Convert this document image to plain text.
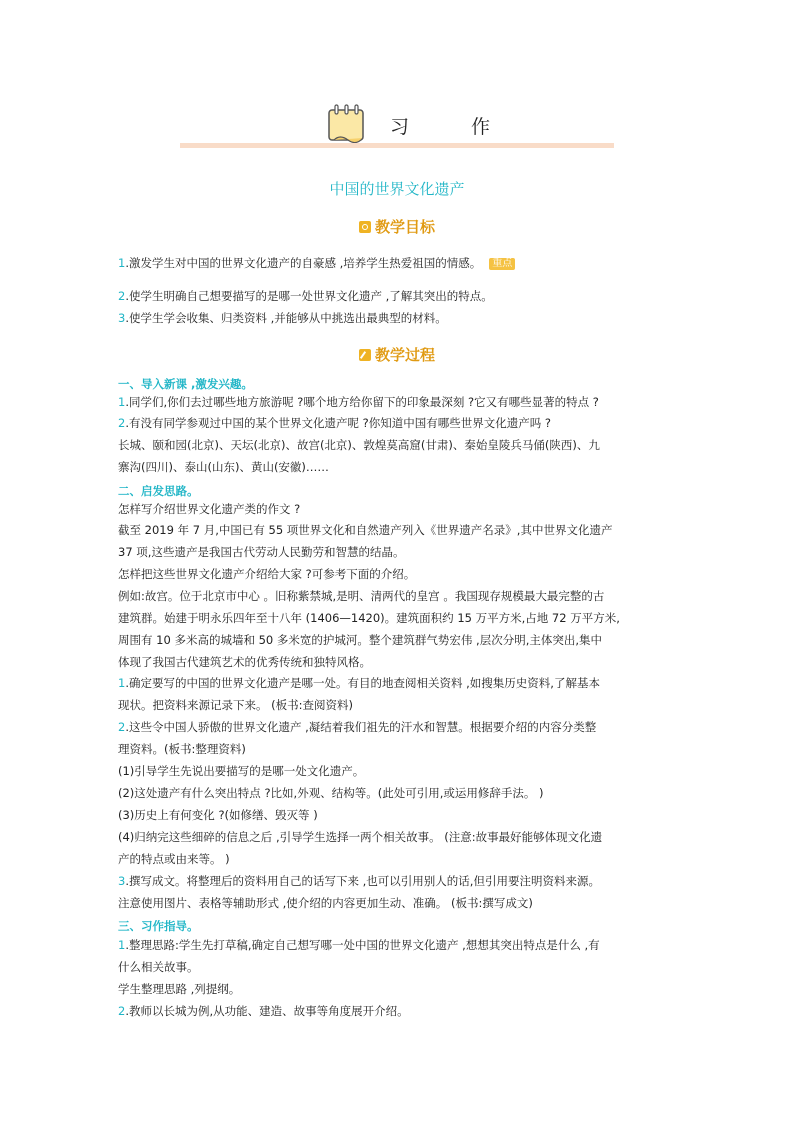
习 作
中国的世界文化遗产
教学目标
1.激发学生对中国的世界文化遗产的自豪感 ,培养学生热爱祖国的情感。 重点
2.使学生明确自己想要描写的是哪一处世界文化遗产 ,了解其突出的特点。
3.使学生学会收集、归类资料 ,并能够从中挑选出最典型的材料。
教学过程
一、导入新课 ,激发兴趣。
1.同学们,你们去过哪些地方旅游呢 ?哪个地方给你留下的印象最深刻 ?它又有哪些显著的特点 ?
2.有没有同学参观过中国的某个世界文化遗产呢 ?你知道中国有哪些世界文化遗产吗 ?
长城、颐和园(北京)、天坛(北京)、故宫(北京)、敦煌莫高窟(甘肃)、秦始皇陵兵马俑(陕西)、九
寨沟(四川)、泰山(山东)、黄山(安徽)……
二、启发思路。
怎样写介绍世界文化遗产类的作文 ?
截至 2019 年 7 月,中国已有 55 项世界文化和自然遗产列入《世界遗产名录》,其中世界文化遗产
37 项,这些遗产是我国古代劳动人民勤劳和智慧的结晶。
怎样把这些世界文化遗产介绍给大家 ?可参考下面的介绍。
例如:故宫。位于北京市中心 。旧称紫禁城,是明、清两代的皇宫 。我国现存规模最大最完整的古
建筑群。始建于明永乐四年至十八年 (1406—1420)。建筑面积约 15 万平方米,占地 72 万平方米,
周围有 10 多米高的城墙和 50 多米宽的护城河。整个建筑群气势宏伟 ,层次分明,主体突出,集中
体现了我国古代建筑艺术的优秀传统和独特风格。
1.确定要写的中国的世界文化遗产是哪一处。有目的地查阅相关资料 ,如搜集历史资料,了解基本
现状。把资料来源记录下来。 (板书:查阅资料)
2.这些令中国人骄傲的世界文化遗产 ,凝结着我们祖先的汗水和智慧。根据要介绍的内容分类整
理资料。(板书:整理资料)
(1)引导学生先说出要描写的是哪一处文化遗产。
(2)这处遗产有什么突出特点 ?比如,外观、结构等。(此处可引用,或运用修辞手法。 )
(3)历史上有何变化 ?(如修缮、毁灭等 )
(4)归纳完这些细碎的信息之后 ,引导学生选择一两个相关故事。 (注意:故事最好能够体现文化遗
产的特点或由来等。 )
3.撰写成文。将整理后的资料用自己的话写下来 ,也可以引用别人的话,但引用要注明资料来源。
注意使用图片、表格等辅助形式 ,使介绍的内容更加生动、准确。 (板书:撰写成文)
三、习作指导。
1.整理思路:学生先打草稿,确定自己想写哪一处中国的世界文化遗产 ,想想其突出特点是什么 ,有
什么相关故事。
学生整理思路 ,列提纲。
2.教师以长城为例,从功能、建造、故事等角度展开介绍。
